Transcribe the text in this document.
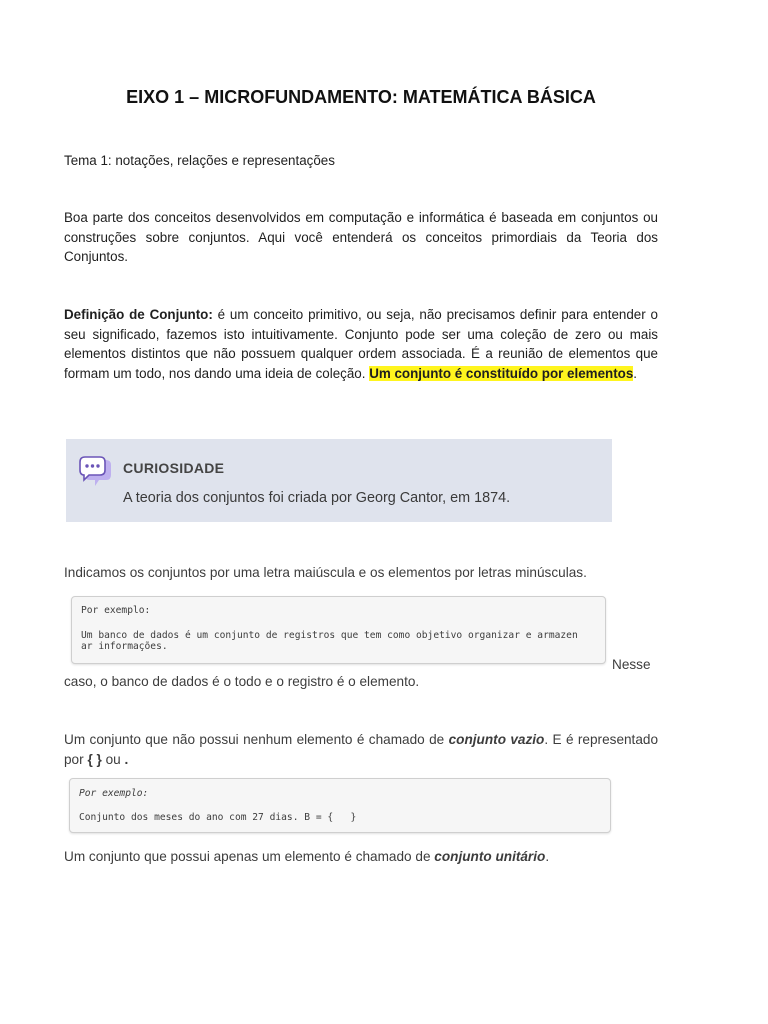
EIXO 1 – MICROFUNDAMENTO: MATEMÁTICA BÁSICA
Tema 1: notações, relações e representações
Boa parte dos conceitos desenvolvidos em computação e informática é baseada em conjuntos ou construções sobre conjuntos. Aqui você entenderá os conceitos primordiais da Teoria dos Conjuntos.
Definição de Conjunto: é um conceito primitivo, ou seja, não precisamos definir para entender o seu significado, fazemos isto intuitivamente. Conjunto pode ser uma coleção de zero ou mais elementos distintos que não possuem qualquer ordem associada. É a reunião de elementos que formam um todo, nos dando uma ideia de coleção. Um conjunto é constituído por elementos.
CURIOSIDADE
A teoria dos conjuntos foi criada por Georg Cantor, em 1874.
Indicamos os conjuntos por uma letra maiúscula e os elementos por letras minúsculas.
Por exemplo:
Um banco de dados é um conjunto de registros que tem como objetivo organizar e armazen
ar informações.
Nesse
caso, o banco de dados é o todo e o registro é o elemento.
Um conjunto que não possui nenhum elemento é chamado de conjunto vazio. E é representado por { } ou .
Por exemplo:
Conjunto dos meses do ano com 27 dias. B = {   }
Um conjunto que possui apenas um elemento é chamado de conjunto unitário.
